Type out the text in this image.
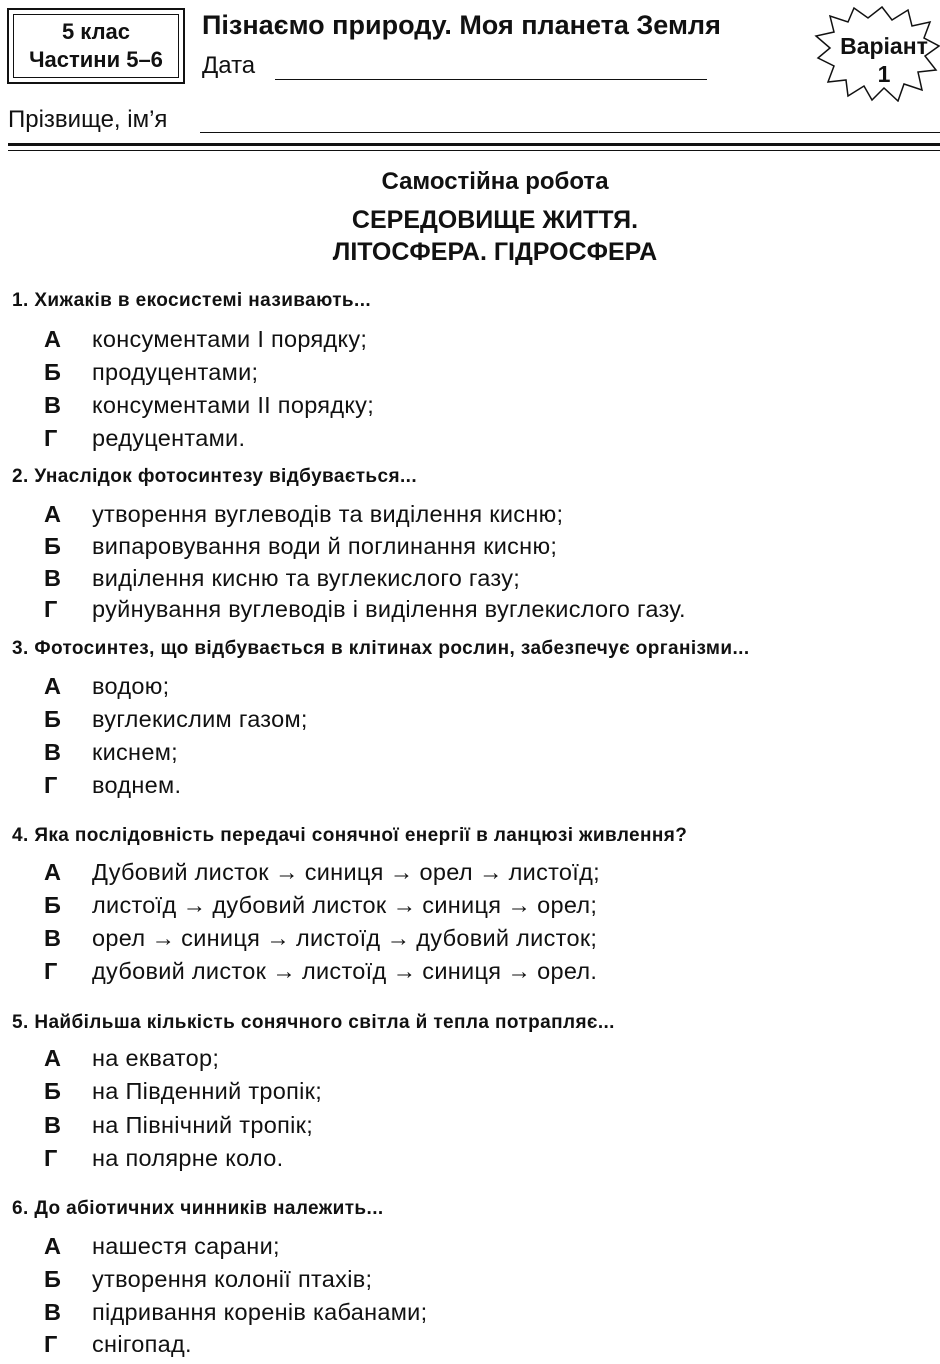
5 клас
Частини 5–6
Пізнаємо природу. Моя планета Земля
Дата
Варіант
1
Прізвище, ім’я
Самостійна робота
СЕРЕДОВИЩЕ ЖИТТЯ.
ЛІТОСФЕРА. ГІДРОСФЕРА
1. Хижаків в екосистемі називають...
А консументами І порядку;
Б продуцентами;
В консументами ІІ порядку;
Г редуцентами.
2. Унаслідок фотосинтезу відбувається...
А утворення вуглеводів та виділення кисню;
Б випаровування води й поглинання кисню;
В виділення кисню та вуглекислого газу;
Г руйнування вуглеводів і виділення вуглекислого газу.
3. Фотосинтез, що відбувається в клітинах рослин, забезпечує організми...
А водою;
Б вуглекислим газом;
В киснем;
Г воднем.
4. Яка послідовність передачі сонячної енергії в ланцюзі живлення?
А Дубовий листок → синиця → орел → листоїд;
Б листоїд → дубовий листок → синиця → орел;
В орел → синиця → листоїд → дубовий листок;
Г дубовий листок → листоїд → синиця → орел.
5. Найбільша кількість сонячного світла й тепла потрапляє...
А на екватор;
Б на Південний тропік;
В на Північний тропік;
Г на полярне коло.
6. До абіотичних чинників належить...
А нашестя сарани;
Б утворення колонії птахів;
В підривання коренів кабанами;
Г снігопад.
